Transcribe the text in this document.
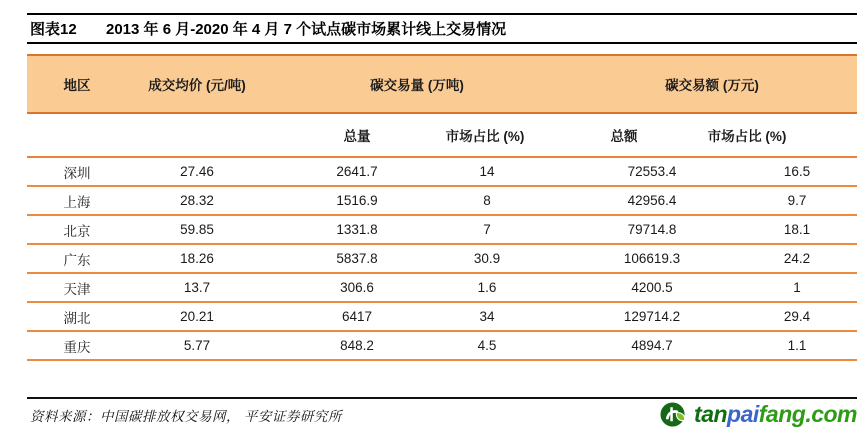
图表12	2013 年 6 月-2020 年 4 月 7 个试点碳市场累计线上交易情况
地区	成交均价 (元/吨)	碳交易量 (万吨)	碳交易额 (万元)
		总量	市场占比 (%)	总额	市场占比 (%)
深圳	27.46	2641.7	14	72553.4	16.5
上海	28.32	1516.9	8	42956.4	9.7
北京	59.85	1331.8	7	79714.8	18.1
广东	18.26	5837.8	30.9	106619.3	24.2
天津	13.7	306.6	1.6	4200.5	1
湖北	20.21	6417	34	129714.2	29.4
重庆	5.77	848.2	4.5	4894.7	1.1
资料来源：中国碳排放权交易网， 平安证券研究所	tanpaifang.com
